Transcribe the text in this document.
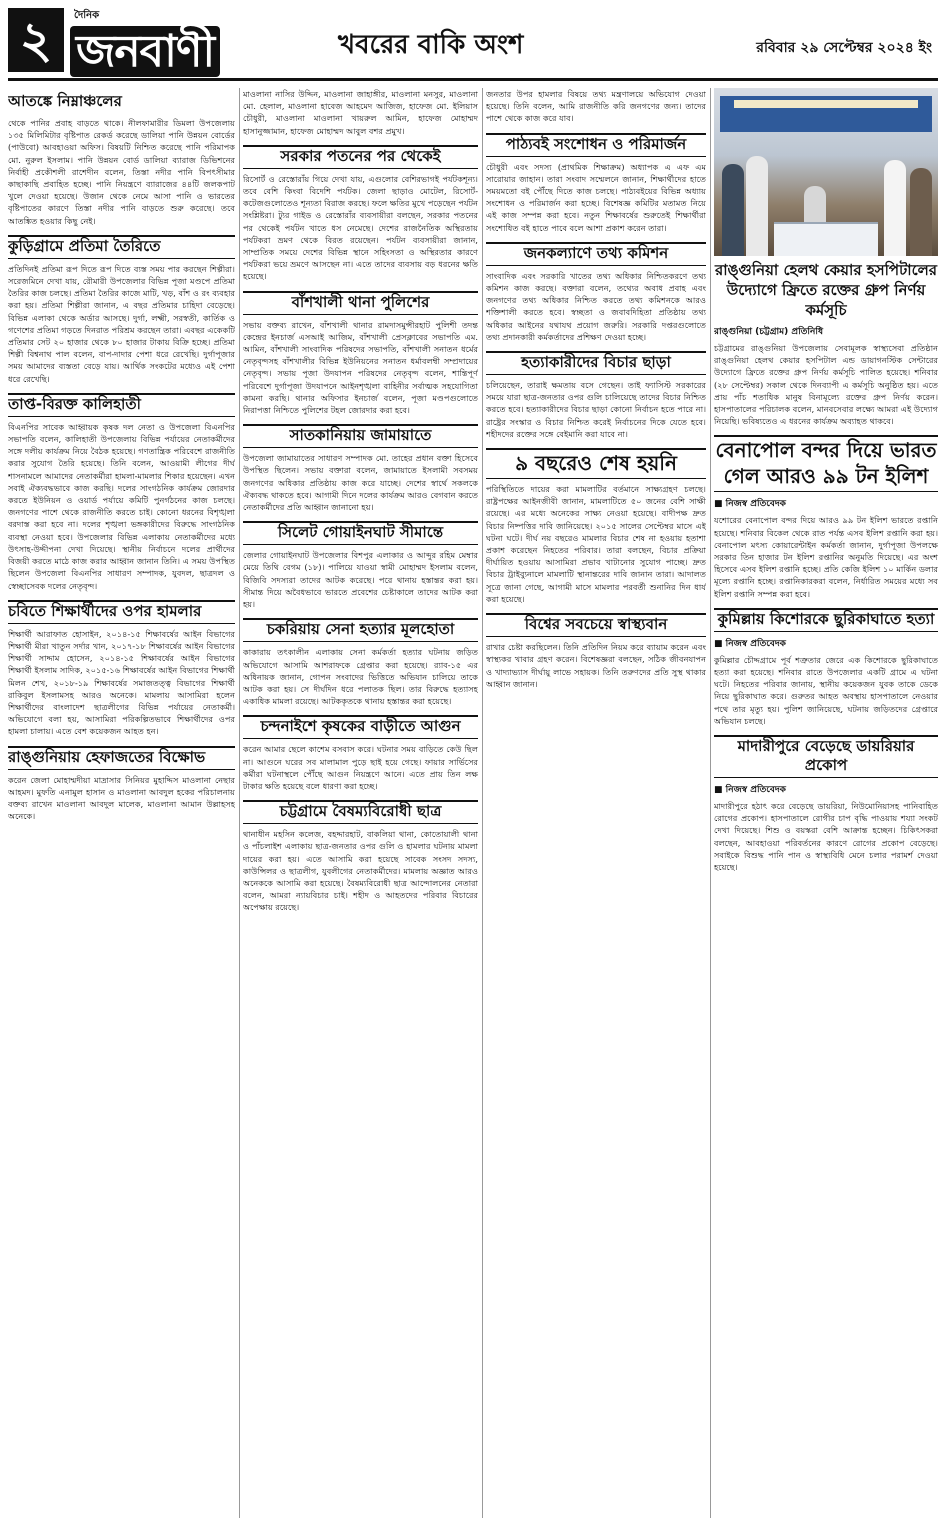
২	দৈনিক
জনবাণী	খবরের বাকি অংশ	রবিবার ২৯ সেপ্টেম্বর ২০২৪ ইং
আতঙ্কে নিম্নাঞ্চলের
থেকে পানির প্রবাহ বাড়তে থাকে। নীলফামারীর ডিমলা উপজেলায় ১৩৫ মিলিমিটার বৃষ্টিপাত রেকর্ড করেছে ডালিয়া পানি উন্নয়ন বোর্ডের (পাউবো) আবহাওয়া অফিস। বিষয়টি নিশ্চিত করেছে পানি পরিমাপক মো. নুরুল ইসলাম। পানি উন্নয়ন বোর্ড ডালিয়া ব্যারাজ ডিভিশনের নির্বাহী প্রকৌশলী রাশেদীন বলেন, তিস্তা নদীর পানি বিপৎসীমার কাছাকাছি প্রবাহিত হচ্ছে। পানি নিয়ন্ত্রণে ব্যারাজের ৪৪টি জলকপাট খুলে দেওয়া হয়েছে। উজান থেকে নেমে আসা পানি ও ভারতের বৃষ্টিপাতের কারণে তিস্তা নদীর পানি বাড়তে শুরু করেছে। তবে আতঙ্কিত হওয়ার কিছু নেই।
কুড়িগ্রামে প্রতিমা তৈরিতে
প্রতিদিনই প্রতিমা রূপ দিতে রূপ দিতে ব্যস্ত সময় পার করছেন শিল্পীরা। সরেজমিনে দেখা যায়, রৌমারী উপজেলার বিভিন্ন পূজা মণ্ডপে প্রতিমা তৈরির কাজ চলছে। প্রতিমা তৈরির কাজে মাটি, খড়, বাঁশ ও রং ব্যবহার করা হয়। প্রতিমা শিল্পীরা জানান, এ বছর প্রতিমার চাহিদা বেড়েছে। বিভিন্ন এলাকা থেকে অর্ডার আসছে। দুর্গা, লক্ষ্মী, সরস্বতী, কার্তিক ও গণেশের প্রতিমা গড়তে দিনরাত পরিশ্রম করছেন তারা। এবছর একেকটি প্রতিমার সেট ২০ হাজার থেকে ৮০ হাজার টাকায় বিক্রি হচ্ছে। প্রতিমা শিল্পী বিশ্বনাথ পাল বলেন, বাপ-দাদার পেশা ধরে রেখেছি। দুর্গাপূজার সময় আমাদের ব্যস্ততা বেড়ে যায়। আর্থিক সংকটের মধ্যেও এই পেশা ধরে রেখেছি।
তাপ্ত-বিরক্ত কালিহাতী
বিএনপির সাবেক আহ্বায়ক কৃষক দল নেতা ও উপজেলা বিএনপির সভাপতি বলেন, কালিহাতী উপজেলায় বিভিন্ন পর্যায়ের নেতাকর্মীদের সঙ্গে দলীয় কার্যক্রম নিয়ে বৈঠক হয়েছে। গণতান্ত্রিক পরিবেশে রাজনীতি করার সুযোগ তৈরি হয়েছে। তিনি বলেন, আওয়ামী লীগের দীর্ঘ শাসনামলে আমাদের নেতাকর্মীরা হামলা-মামলার শিকার হয়েছেন। এখন সবাই ঐক্যবদ্ধভাবে কাজ করছি। দলের সাংগঠনিক কার্যক্রম জোরদার করতে ইউনিয়ন ও ওয়ার্ড পর্যায়ে কমিটি পুনর্গঠনের কাজ চলছে। জনগণের পাশে থেকে রাজনীতি করতে চাই। কোনো ধরনের বিশৃঙ্খলা বরদাস্ত করা হবে না। দলের শৃঙ্খলা ভঙ্গকারীদের বিরুদ্ধে সাংগঠনিক ব্যবস্থা নেওয়া হবে। উপজেলার বিভিন্ন এলাকায় নেতাকর্মীদের মধ্যে উৎসাহ-উদ্দীপনা দেখা দিয়েছে। স্থানীয় নির্বাচনে দলের প্রার্থীদের বিজয়ী করতে মাঠে কাজ করার আহ্বান জানান তিনি। এ সময় উপস্থিত ছিলেন উপজেলা বিএনপির সাধারণ সম্পাদক, যুবদল, ছাত্রদল ও স্বেচ্ছাসেবক দলের নেতৃবৃন্দ।
চবিতে শিক্ষার্থীদের ওপর হামলার
শিক্ষার্থী আরাফাত হোসাইন, ২০১৪-১৫ শিক্ষাবর্ষের আইন বিভাগের শিক্ষার্থী মীরা খাতুন সর্দার খান, ২০১৭-১৮ শিক্ষাবর্ষের আইন বিভাগের শিক্ষার্থী সাদ্দাম হোসেন, ২০১৪-১৫ শিক্ষাবর্ষের আইন বিভাগের শিক্ষার্থী ইসলাম সাদিক, ২০১৫-১৬ শিক্ষাবর্ষের আইন বিভাগের শিক্ষার্থী মিলন শেখ, ২০১৮-১৯ শিক্ষাবর্ষের সমাজতত্ত্ব বিভাগের শিক্ষার্থী রাকিবুল ইসলামসহ আরও অনেকে। মামলায় আসামিরা হলেন শিক্ষার্থীদের বাংলাদেশ ছাত্রলীগের বিভিন্ন পর্যায়ের নেতাকর্মী। অভিযোগে বলা হয়, আসামিরা পরিকল্পিতভাবে শিক্ষার্থীদের ওপর হামলা চালায়। এতে বেশ কয়েকজন আহত হন।
রাঙ্গুনিয়ায় হেফাজতের বিক্ষোভ
করেন জেলা মোহাম্মদীয়া মাদ্রাসার সিনিয়র মুহাদ্দিস মাওলানা নেছার আহমদ। মুফতি এনামুল হাসান ও মাওলানা আবদুল হকের পরিচালনায় বক্তব্য রাখেন মাওলানা আবদুল মালেক, মাওলানা আমান উল্লাহসহ অনেকে।
মাওলানা নাসির উদ্দিন, মাওলানা জাহাঙ্গীর, মাওলানা মনসুর, মাওলানা মো. হেলাল, মাওলানা হাবেজ আহমেদ আজিজ, হাফেজ মো. ইলিয়াস চৌধুরী, মাওলানা মাওলানা খায়রুল আমিন, হাফেজ মোহাম্মদ হাসানুজ্জামান, হাফেজ মোহাম্মদ আবুল বশর প্রমুখ।
সরকার পতনের পর থেকেই
রিসোর্ট ও রেস্তোরাঁয় গিয়ে দেখা যায়, এগুলোর বেশিরভাগই পর্যটকশূন্য। তবে বেশি কিংবা বিদেশি পর্যটক। জেলা ছাড়াও মোটেল, রিসোর্ট-কটেজগুলোতেও শূন্যতা বিরাজ করছে। ফলে ক্ষতির মুখে পড়েছেন পর্যটন সংশ্লিষ্টরা। ট্যুর গাইড ও রেস্তোরাঁর ব্যবসায়ীরা বলছেন, সরকার পতনের পর থেকেই পর্যটন খাতে ধস নেমেছে। দেশের রাজনৈতিক অস্থিরতায় পর্যটকরা ভ্রমণ থেকে বিরত রয়েছেন। পর্যটন ব্যবসায়ীরা জানান, সাম্প্রতিক সময়ে দেশের বিভিন্ন স্থানে সহিংসতা ও অস্থিরতার কারণে পর্যটকরা ভয়ে ভ্রমণে আসছেন না। এতে তাদের ব্যবসায় বড় ধরনের ক্ষতি হয়েছে।
বাঁশখালী থানা পুলিশের
সভায় বক্তব্য রাখেন, বাঁশখালী থানার রামদাসমুন্সীরহাট পুলিশী তদন্ত কেন্দ্রের ইনচার্জ এসআই আজিম, বাঁশখালী প্রেসক্লাবের সভাপতি এম. আমিন, বাঁশখালী সাংবাদিক পরিষদের সভাপতি, বাঁশখালী সনাতন ধর্মের নেতৃবৃন্দসহ বাঁশখালীর বিভিন্ন ইউনিয়নের সনাতন ধর্মাবলম্বী সম্প্রদায়ের নেতৃবৃন্দ। সভায় পূজা উদযাপন পরিষদের নেতৃবৃন্দ বলেন, শান্তিপূর্ণ পরিবেশে দুর্গাপূজা উদযাপনে আইনশৃঙ্খলা বাহিনীর সর্বাত্মক সহযোগিতা কামনা করছি। থানার অফিসার ইনচার্জ বলেন, পূজা মণ্ডপগুলোতে নিরাপত্তা নিশ্চিতে পুলিশের টহল জোরদার করা হবে।
সাতকানিয়ায় জামায়াতে
উপজেলা জামায়াতের সাধারণ সম্পাদক মো. তাহের প্রধান বক্তা হিসেবে উপস্থিত ছিলেন। সভায় বক্তারা বলেন, জামায়াতে ইসলামী সবসময় জনগণের অধিকার প্রতিষ্ঠায় কাজ করে যাচ্ছে। দেশের স্বার্থে সকলকে ঐক্যবদ্ধ থাকতে হবে। আগামী দিনে দলের কার্যক্রম আরও বেগবান করতে নেতাকর্মীদের প্রতি আহ্বান জানানো হয়।
সিলেট গোয়াইনঘাট সীমান্তে
জেলার গোয়াইনঘাট উপজেলার বিশপুর এলাকার ও আব্দুর রহিম মেম্বার মেয়ে তিথি বেগম (১৮)। পালিয়ে যাওয়া স্বামী মোহাম্মদ ইসলাম বলেন, বিজিবি সদস্যরা তাদের আটক করেছে। পরে থানায় হস্তান্তর করা হয়। সীমান্ত দিয়ে অবৈধভাবে ভারতে প্রবেশের চেষ্টাকালে তাদের আটক করা হয়।
চকরিয়ায় সেনা হত্যার মূলহোতা
কাকারায় তৎকালীন এলাকায় সেনা কর্মকর্তা হত্যার ঘটনায় জড়িত অভিযোগে আসামি আশরাফকে গ্রেপ্তার করা হয়েছে। র‍্যাব-১৫ এর অধিনায়ক জানান, গোপন সংবাদের ভিত্তিতে অভিযান চালিয়ে তাকে আটক করা হয়। সে দীর্ঘদিন ধরে পলাতক ছিল। তার বিরুদ্ধে হত্যাসহ একাধিক মামলা রয়েছে। আটককৃতকে থানায় হস্তান্তর করা হয়েছে।
চন্দনাইশে কৃষকের বাড়ীতে আগুন
করেন আমার ছেলে কাশেম বসবাস করে। ঘটনার সময় বাড়িতে কেউ ছিল না। আগুনে ঘরের সব মালামাল পুড়ে ছাই হয়ে গেছে। ফায়ার সার্ভিসের কর্মীরা ঘটনাস্থলে পৌঁছে আগুন নিয়ন্ত্রণে আনে। এতে প্রায় তিন লক্ষ টাকার ক্ষতি হয়েছে বলে ধারণা করা হচ্ছে।
চট্টগ্রামে বৈষম্যবিরোধী ছাত্র
থানাধীন মহসিন কলেজ, বহদ্দারহাট, বাকলিয়া থানা, কোতোয়ালী থানা ও পাঁচলাইশ এলাকায় ছাত্র-জনতার ওপর গুলি ও হামলার ঘটনায় মামলা দায়ের করা হয়। এতে আসামি করা হয়েছে সাবেক সংসদ সদস্য, কাউন্সিলর ও ছাত্রলীগ, যুবলীগের নেতাকর্মীদের। মামলায় অজ্ঞাত আরও অনেককে আসামি করা হয়েছে। বৈষম্যবিরোধী ছাত্র আন্দোলনের নেতারা বলেন, আমরা ন্যায়বিচার চাই। শহীদ ও আহতদের পরিবার বিচারের অপেক্ষায় রয়েছে।
জনতার উপর হামলার বিষয়ে তথ্য মন্ত্রণালয়ে অভিযোগ দেওয়া হয়েছে। তিনি বলেন, আমি রাজনীতি করি জনগণের জন্য। তাদের পাশে থেকে কাজ করে যাব।
পাঠ্যবই সংশোধন ও পরিমার্জন
চৌধুরী এবং সদস্য (প্রাথমিক শিক্ষাক্রম) অধ্যাপক এ এফ এম সারোয়ার জাহান। তারা সংবাদ সম্মেলনে জানান, শিক্ষার্থীদের হাতে সময়মতো বই পৌঁছে দিতে কাজ চলছে। পাঠ্যবইয়ের বিভিন্ন অধ্যায় সংশোধন ও পরিমার্জন করা হচ্ছে। বিশেষজ্ঞ কমিটির মতামত নিয়ে এই কাজ সম্পন্ন করা হবে। নতুন শিক্ষাবর্ষের শুরুতেই শিক্ষার্থীরা সংশোধিত বই হাতে পাবে বলে আশা প্রকাশ করেন তারা।
জনকল্যাণে তথ্য কমিশন
সাংবাদিক এবং সরকারি খাতের তথ্য অধিকার নিশ্চিতকরণে তথ্য কমিশন কাজ করছে। বক্তারা বলেন, তথ্যের অবাধ প্রবাহ এবং জনগণের তথ্য অধিকার নিশ্চিত করতে তথ্য কমিশনকে আরও শক্তিশালী করতে হবে। স্বচ্ছতা ও জবাবদিহিতা প্রতিষ্ঠায় তথ্য অধিকার আইনের যথাযথ প্রয়োগ জরুরি। সরকারি দপ্তরগুলোতে তথ্য প্রদানকারী কর্মকর্তাদের প্রশিক্ষণ দেওয়া হচ্ছে।
হত্যাকারীদের বিচার ছাড়া
চলিয়েছেন, তারাই ক্ষমতায় বসে গেছেন। তাই ফ্যাসিস্ট সরকারের সময়ে যারা ছাত্র-জনতার ওপর গুলি চালিয়েছে তাদের বিচার নিশ্চিত করতে হবে। হত্যাকারীদের বিচার ছাড়া কোনো নির্বাচন হতে পারে না। রাষ্ট্রের সংস্কার ও বিচার নিশ্চিত করেই নির্বাচনের দিকে যেতে হবে। শহীদদের রক্তের সঙ্গে বেইমানি করা যাবে না।
৯ বছরেও শেষ হয়নি
পরিস্থিতিতে দায়ের করা মামলাটির বর্তমানে সাক্ষ্যগ্রহণ চলছে। রাষ্ট্রপক্ষের আইনজীবী জানান, মামলাটিতে ৫০ জনের বেশি সাক্ষী রয়েছে। এর মধ্যে অনেকের সাক্ষ্য নেওয়া হয়েছে। বাদীপক্ষ দ্রুত বিচার নিষ্পত্তির দাবি জানিয়েছে। ২০১৫ সালের সেপ্টেম্বর মাসে এই ঘটনা ঘটে। দীর্ঘ নয় বছরেও মামলার বিচার শেষ না হওয়ায় হতাশা প্রকাশ করেছেন নিহতের পরিবার। তারা বলছেন, বিচার প্রক্রিয়া দীর্ঘায়িত হওয়ায় আসামিরা প্রভাব খাটানোর সুযোগ পাচ্ছে। দ্রুত বিচার ট্রাইব্যুনালে মামলাটি স্থানান্তরের দাবি জানান তারা। আদালত সূত্রে জানা গেছে, আগামী মাসে মামলার পরবর্তী শুনানির দিন ধার্য করা হয়েছে।
বিশ্বের সবচেয়ে স্বাস্থ্যবান
রাখার চেষ্টা করছিলেন। তিনি প্রতিদিন নিয়ম করে ব্যায়াম করেন এবং স্বাস্থ্যকর খাবার গ্রহণ করেন। বিশেষজ্ঞরা বলছেন, সঠিক জীবনযাপন ও খাদ্যাভ্যাস দীর্ঘায়ু লাভে সহায়ক। তিনি তরুণদের প্রতি সুস্থ থাকার আহ্বান জানান।
রাঙ্গুনিয়া হেলথ কেয়ার হসপিটালের উদ্যোগে ফ্রিতে রক্তের গ্রুপ নির্ণয় কর্মসূচি
রাঙ্গুনিয়া (চট্টগ্রাম) প্রতিনিধি
চট্টগ্রামের রাঙ্গুনিয়া উপজেলায় সেবামূলক স্বাস্থ্যসেবা প্রতিষ্ঠান রাঙ্গুনিয়া হেলথ কেয়ার হসপিটাল এন্ড ডায়াগনস্টিক সেন্টারের উদ্যোগে ফ্রিতে রক্তের গ্রুপ নির্ণয় কর্মসূচি পালিত হয়েছে। শনিবার (২৮ সেপ্টেম্বর) সকাল থেকে দিনব্যাপী এ কর্মসূচি অনুষ্ঠিত হয়। এতে প্রায় পাঁচ শতাধিক মানুষ বিনামূল্যে রক্তের গ্রুপ নির্ণয় করেন। হাসপাতালের পরিচালক বলেন, মানবসেবার লক্ষ্যে আমরা এই উদ্যোগ নিয়েছি। ভবিষ্যতেও এ ধরনের কার্যক্রম অব্যাহত থাকবে।
বেনাপোল বন্দর দিয়ে ভারত গেল আরও ৯৯ টন ইলিশ
■ নিজস্ব প্রতিবেদক
যশোরের বেনাপোল বন্দর দিয়ে আরও ৯৯ টন ইলিশ ভারতে রপ্তানি হয়েছে। শনিবার বিকেল থেকে রাত পর্যন্ত এসব ইলিশ রপ্তানি করা হয়। বেনাপোল মৎস্য কোয়ারেন্টাইন কর্মকর্তা জানান, দুর্গাপূজা উপলক্ষে সরকার তিন হাজার টন ইলিশ রপ্তানির অনুমতি দিয়েছে। এর অংশ হিসেবে এসব ইলিশ রপ্তানি হচ্ছে। প্রতি কেজি ইলিশ ১০ মার্কিন ডলার মূল্যে রপ্তানি হচ্ছে। রপ্তানিকারকরা বলেন, নির্ধারিত সময়ের মধ্যে সব ইলিশ রপ্তানি সম্পন্ন করা হবে।
কুমিল্লায় কিশোরকে ছুরিকাঘাতে হত্যা
■ নিজস্ব প্রতিবেদক
কুমিল্লার চৌদ্দগ্রামে পূর্ব শত্রুতার জেরে এক কিশোরকে ছুরিকাঘাতে হত্যা করা হয়েছে। শনিবার রাতে উপজেলার একটি গ্রামে এ ঘটনা ঘটে। নিহতের পরিবার জানায়, স্থানীয় কয়েকজন যুবক তাকে ডেকে নিয়ে ছুরিকাঘাত করে। গুরুতর আহত অবস্থায় হাসপাতালে নেওয়ার পথে তার মৃত্যু হয়। পুলিশ জানিয়েছে, ঘটনায় জড়িতদের গ্রেপ্তারে অভিযান চলছে।
মাদারীপুরে বেড়েছে ডায়রিয়ার প্রকোপ
■ নিজস্ব প্রতিবেদক
মাদারীপুরে হঠাৎ করে বেড়েছে ডায়রিয়া, নিউমোনিয়াসহ পানিবাহিত রোগের প্রকোপ। হাসপাতালে রোগীর চাপ বৃদ্ধি পাওয়ায় শয্যা সংকট দেখা দিয়েছে। শিশু ও বয়স্করা বেশি আক্রান্ত হচ্ছেন। চিকিৎসকরা বলছেন, আবহাওয়া পরিবর্তনের কারণে রোগের প্রকোপ বেড়েছে। সবাইকে বিশুদ্ধ পানি পান ও স্বাস্থ্যবিধি মেনে চলার পরামর্শ দেওয়া হয়েছে।
